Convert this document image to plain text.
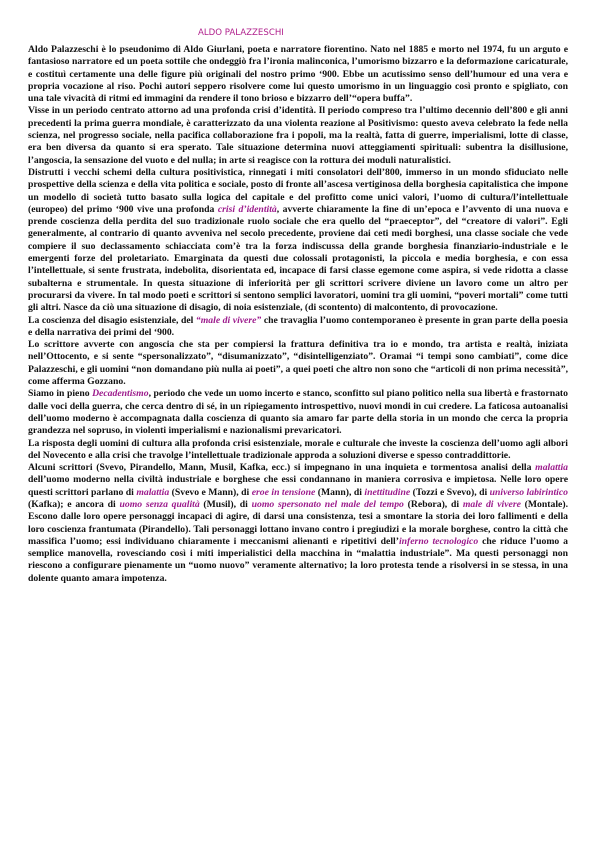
ALDO PALAZZESCHI

Aldo Palazzeschi è lo pseudonimo di Aldo Giurlani, poeta e narratore fiorentino. Nato nel 1885 e morto nel 1974, fu un arguto e fantasioso narratore ed un poeta sottile che ondeggiò fra l’ironia malinconica, l’umorismo bizzarro e la deformazione caricaturale, e costituì certamente una delle figure più originali del nostro primo ‘900. Ebbe un acutissimo senso dell’humour ed una vera e propria vocazione al riso. Pochi autori seppero risolvere come lui questo umorismo in un linguaggio così pronto e spigliato, con una tale vivacità di ritmi ed immagini da rendere il tono brioso e bizzarro dell’“opera buffa”.

Visse in un periodo centrato attorno ad una profonda crisi d’identità. Il periodo compreso tra l’ultimo decennio dell’800 e gli anni precedenti la prima guerra mondiale, è caratterizzato da una violenta reazione al Positivismo: questo aveva celebrato la fede nella scienza, nel progresso sociale, nella pacifica collaborazione fra i popoli, ma la realtà, fatta di guerre, imperialismi, lotte di classe, era ben diversa da quanto si era sperato. Tale situazione determina nuovi atteggiamenti spirituali: subentra la disillusione, l’angoscia, la sensazione del vuoto e del nulla; in arte si reagisce con la rottura dei moduli naturalistici.

Distrutti i vecchi schemi della cultura positivistica, rinnegati i miti consolatori dell’800, immerso in un mondo sfiduciato nelle prospettive della scienza e della vita politica e sociale, posto di fronte all’ascesa vertiginosa della borghesia capitalistica che impone un modello di società tutto basato sulla logica del capitale e del profitto come unici valori, l’uomo di cultura/l’intellettuale (europeo) del primo ‘900 vive una profonda crisi d’identità, avverte chiaramente la fine di un’epoca e l’avvento di una nuova e prende coscienza della perdita del suo tradizionale ruolo sociale che era quello del “praeceptor”, del “creatore di valori”. Egli generalmente, al contrario di quanto avveniva nel secolo precedente, proviene dai ceti medi borghesi, una classe sociale che vede compiere il suo declassamento schiacciata com’è tra la forza indiscussa della grande borghesia finanziario-industriale e le emergenti forze del proletariato. Emarginata da questi due colossali protagonisti, la piccola e media borghesia, e con essa l’intellettuale, si sente frustrata, indebolita, disorientata ed, incapace di farsi classe egemone come aspira, si vede ridotta a classe subalterna e strumentale. In questa situazione di inferiorità per gli scrittori scrivere diviene un lavoro come un altro per procurarsi da vivere. In tal modo poeti e scrittori si sentono semplici lavoratori, uomini tra gli uomini, “poveri mortali” come tutti gli altri. Nasce da ciò una situazione di disagio, di noia esistenziale, (di scontento) di malcontento, di provocazione.

La coscienza del disagio esistenziale, del “male di vivere” che travaglia l’uomo contemporaneo è presente in gran parte della poesia e della narrativa dei primi del ‘900.

Lo scrittore avverte con angoscia che sta per compiersi la frattura definitiva tra io e mondo, tra artista e realtà, iniziata nell’Ottocento, e si sente “spersonalizzato”, “disumanizzato”, “disintelligenziato”. Oramai “i tempi sono cambiati”, come dice Palazzeschi, e gli uomini “non domandano più nulla ai poeti”, a quei poeti che altro non sono che “articoli di non prima necessità”, come afferma Gozzano.

Siamo in pieno Decadentismo, periodo che vede un uomo incerto e stanco, sconfitto sul piano politico nella sua libertà e frastornato dalle voci della guerra, che cerca dentro di sé, in un ripiegamento introspettivo, nuovi mondi in cui credere. La faticosa autoanalisi dell’uomo moderno è accompagnata dalla coscienza di quanto sia amaro far parte della storia in un mondo che cerca la propria grandezza nel sopruso, in violenti imperialismi e nazionalismi prevaricatori.

La risposta degli uomini di cultura alla profonda crisi esistenziale, morale e culturale che investe la coscienza dell’uomo agli albori del Novecento e alla crisi che travolge l’intellettuale tradizionale approda a soluzioni diverse e spesso contraddittorie.

Alcuni scrittori (Svevo, Pirandello, Mann, Musil, Kafka, ecc.) si impegnano in una inquieta e tormentosa analisi della malattia dell’uomo moderno nella civiltà industriale e borghese che essi condannano in maniera corrosiva e impietosa. Nelle loro opere questi scrittori parlano di malattia (Svevo e Mann), di eroe in tensione (Mann), di inettitudine (Tozzi e Svevo), di universo labirintico (Kafka); e ancora di uomo senza qualità (Musil), di uomo spersonato nel male del tempo (Rebora), di male di vivere (Montale). Escono dalle loro opere personaggi incapaci di agire, di darsi una consistenza, tesi a smontare la storia dei loro fallimenti e della loro coscienza frantumata (Pirandello). Tali personaggi lottano invano contro i pregiudizi e la morale borghese, contro la città che massifica l’uomo; essi individuano chiaramente i meccanismi alienanti e ripetitivi dell’inferno tecnologico che riduce l’uomo a semplice manovella, rovesciando così i miti imperialistici della macchina in “malattia industriale”. Ma questi personaggi non riescono a configurare pienamente un “uomo nuovo” veramente alternativo; la loro protesta tende a risolversi in se stessa, in una dolente quanto amara impotenza.
